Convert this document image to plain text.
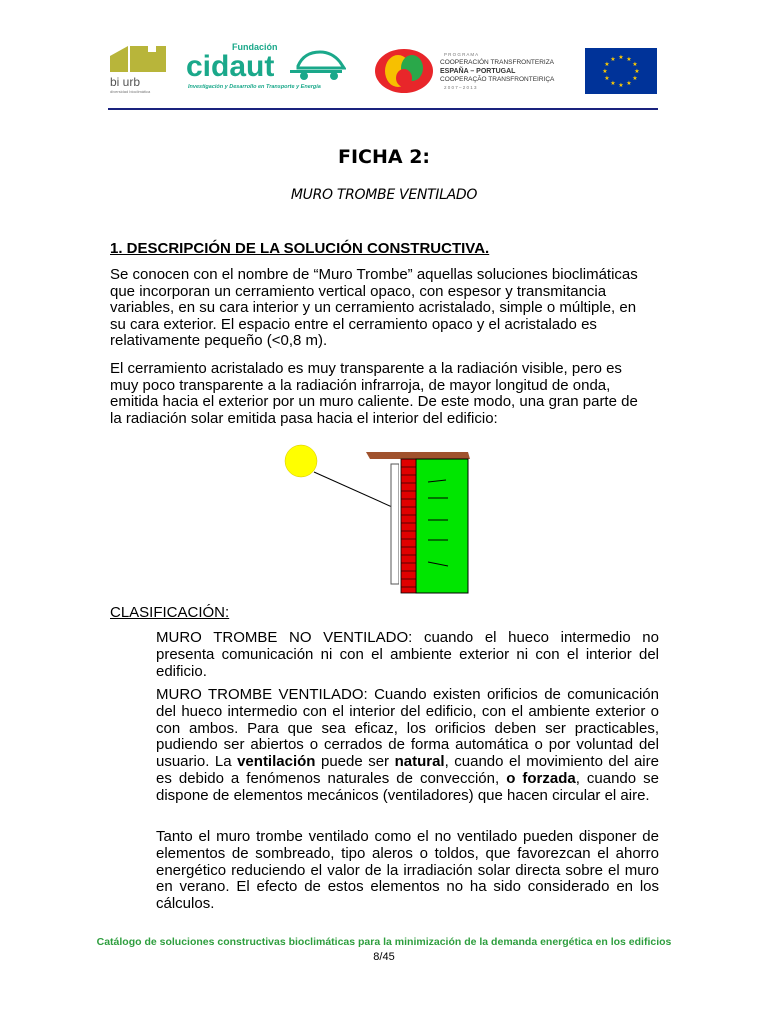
bi urb
diversidad bioclimática
Fundación
cidaut
Investigación y Desarrollo en Transporte y Energía
P R O G R A M A
COOPERACIÓN TRANSFRONTERIZA
ESPAÑA – PORTUGAL
COOPERAÇÃO TRANSFRONTEIRIÇA
2 0 0 7 – 2 0 1 3
★ ★
★
★
★
★
★
★
★
★
★
★
FICHA 2:
MURO TROMBE VENTILADO
1. DESCRIPCIÓN DE LA SOLUCIÓN CONSTRUCTIVA.
Se conocen con el nombre de “Muro Trombe” aquellas soluciones bioclimáticas
que incorporan un cerramiento vertical opaco, con espesor y transmitancia
variables, en su cara interior y un cerramiento acristalado, simple o múltiple, en
su cara exterior. El espacio entre el cerramiento opaco y el acristalado es
relativamente pequeño (<0,8 m).
El cerramiento acristalado es muy transparente a la radiación visible, pero es
muy poco transparente a la radiación infrarroja, de mayor longitud de onda,
emitida hacia el exterior por un muro caliente. De este modo, una gran parte de
la radiación solar emitida pasa hacia el interior del edificio:
CLASIFICACIÓN:
MURO TROMBE NO VENTILADO: cuando el hueco intermedio no presenta comunicación ni con el ambiente exterior ni con el interior del edificio.
MURO TROMBE VENTILADO: Cuando existen orificios de comunicación del hueco intermedio con el interior del edificio, con el ambiente exterior o con ambos. Para que sea eficaz, los orificios deben ser practicables, pudiendo ser abiertos o cerrados de forma automática o por voluntad del usuario. La ventilación puede ser natural, cuando el movimiento del aire es debido a fenómenos naturales de convección, o forzada, cuando se dispone de elementos mecánicos (ventiladores) que hacen circular el aire.
Tanto el muro trombe ventilado como el no ventilado pueden disponer de elementos de sombreado, tipo aleros o toldos, que favorezcan el ahorro energético reduciendo el valor de la irradiación solar directa sobre el muro en verano. El efecto de estos elementos no ha sido considerado en los cálculos.
Catálogo de soluciones constructivas bioclimáticas para la minimización de la demanda energética en los edificios
8/45
